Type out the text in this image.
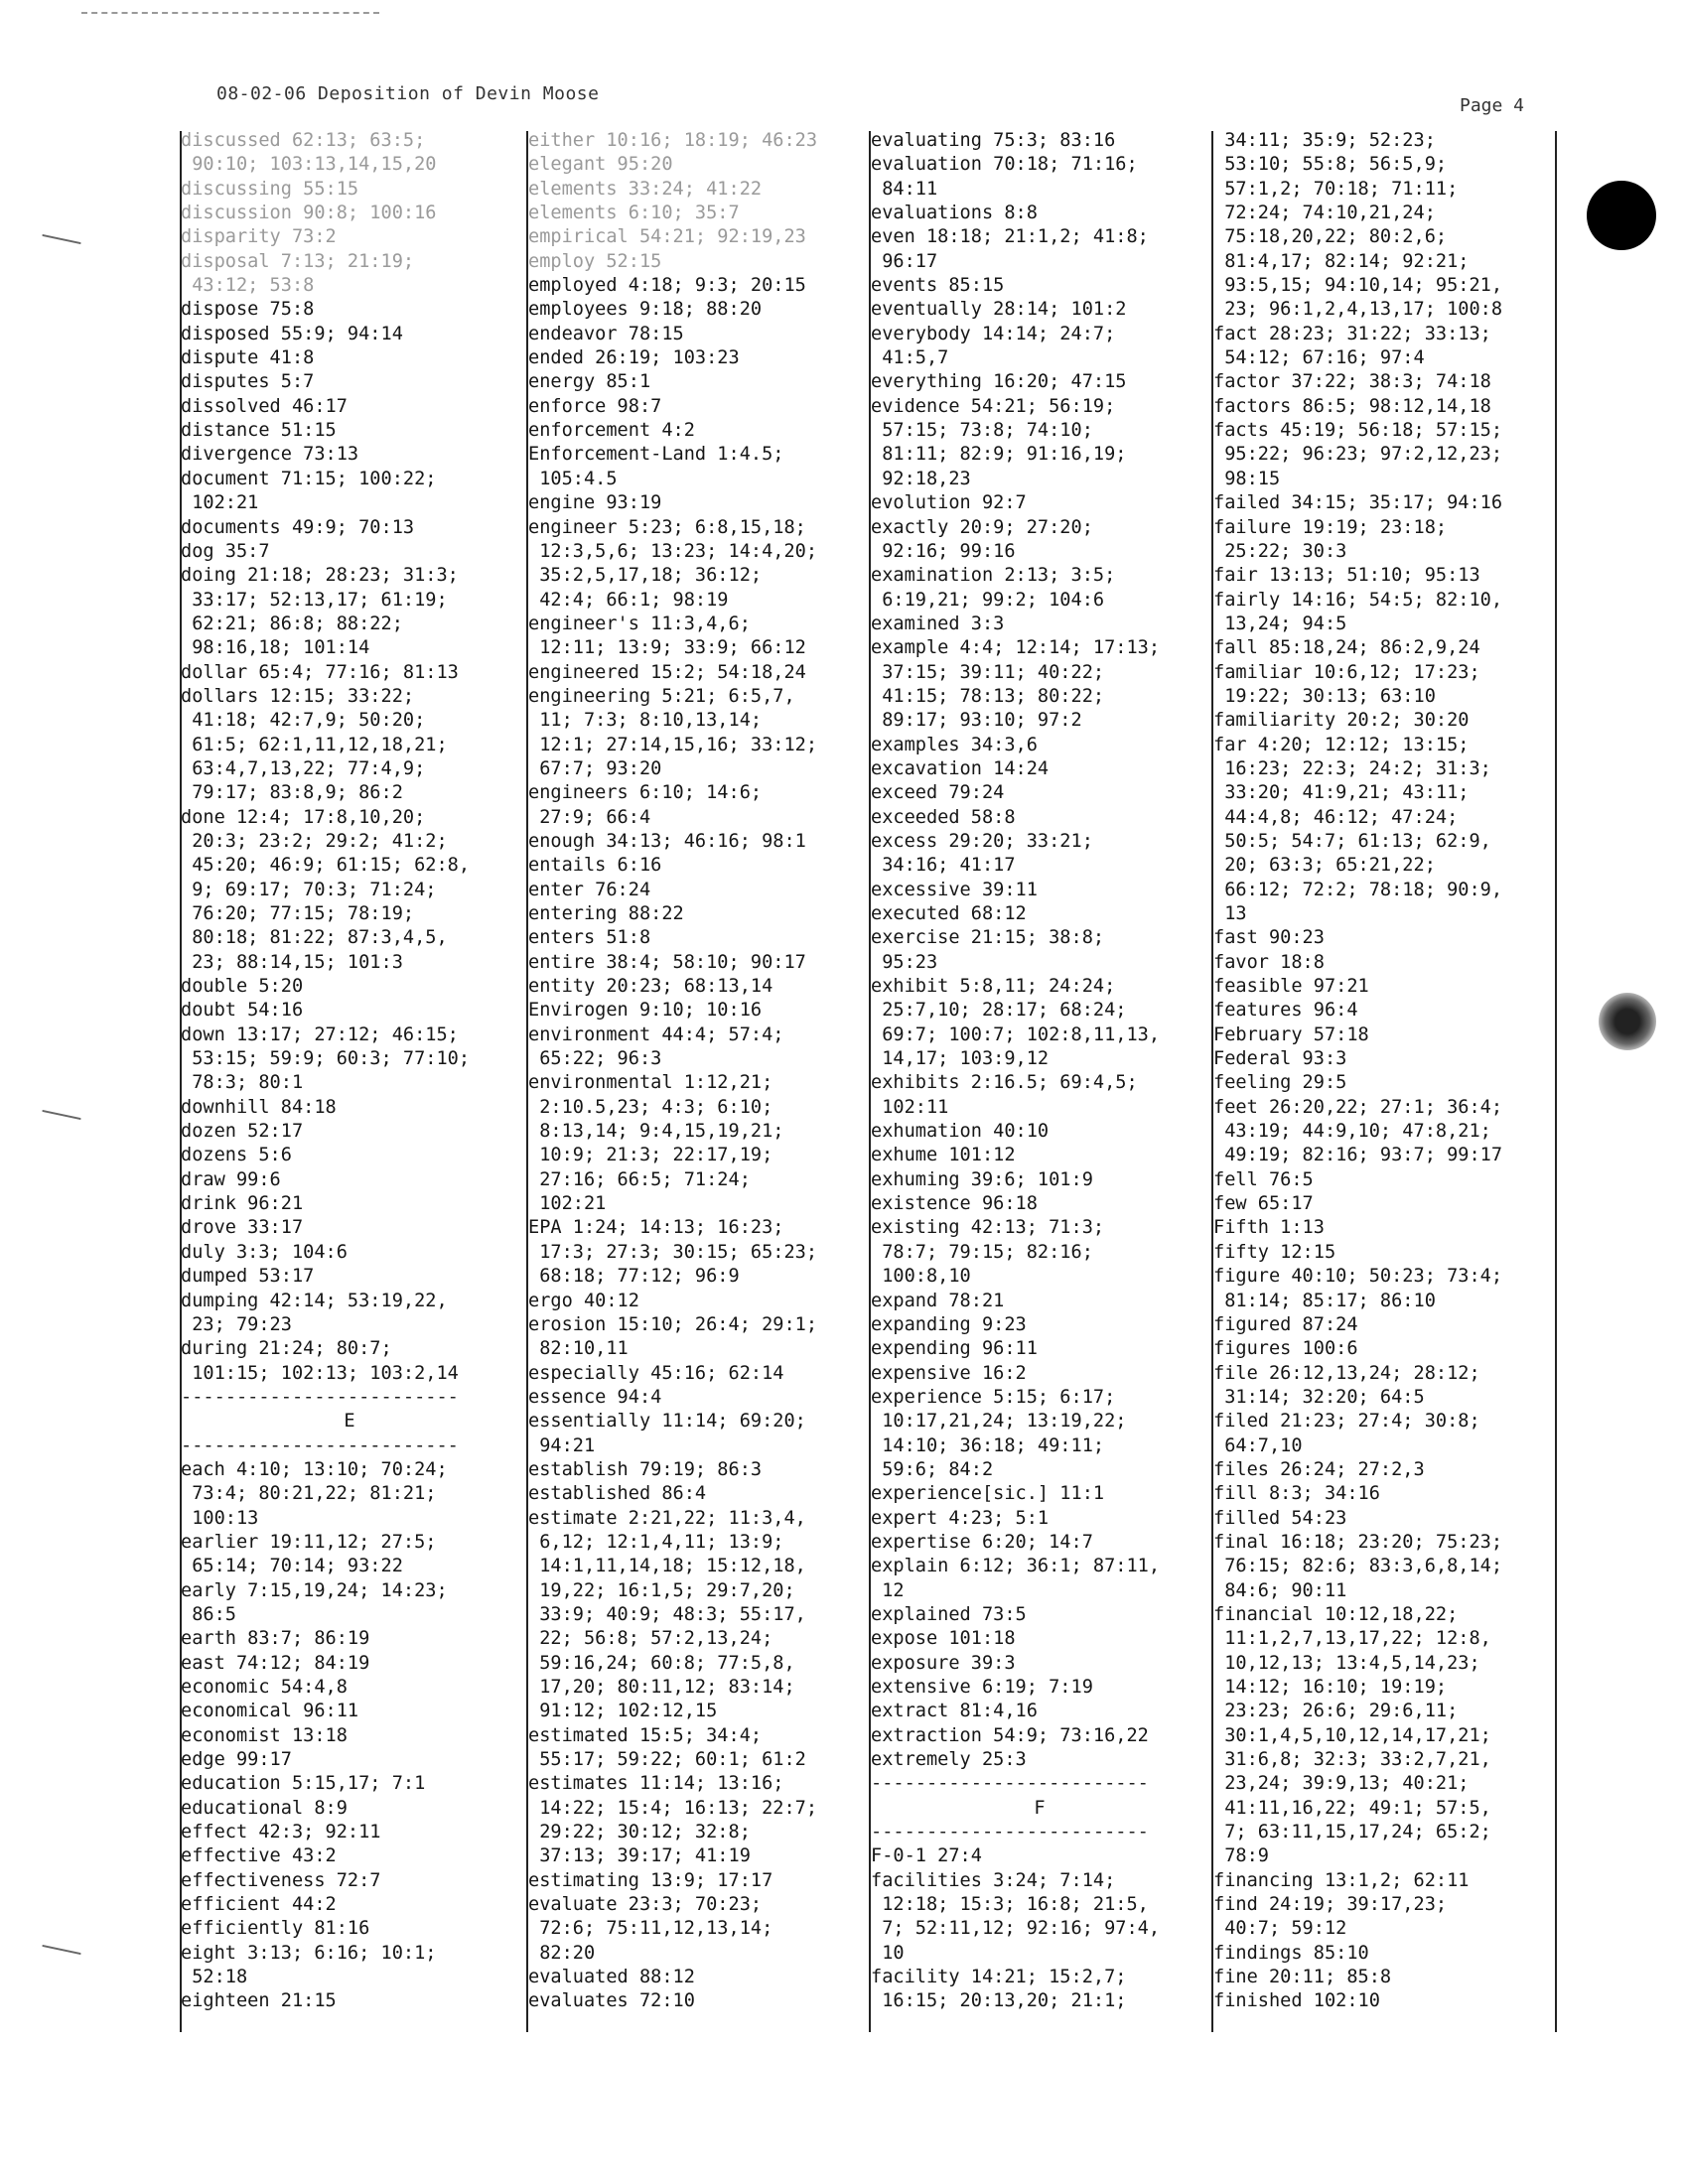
08-02-06 Deposition of Devin Moose
Page 4

discussed 62:13; 63:5;

90:10; 103:13,14,15,20

discussing 55:15

discussion 90:8; 100:16

disparity 73:2

disposal 7:13; 21:19;

43:12; 53:8

dispose 75:8

disposed 55:9; 94:14

dispute 41:8

disputes 5:7

dissolved 46:17

distance 51:15

divergence 73:13

document 71:15; 100:22;

102:21

documents 49:9; 70:13

dog 35:7

doing 21:18; 28:23; 31:3;

33:17; 52:13,17; 61:19;

62:21; 86:8; 88:22;

98:16,18; 101:14

dollar 65:4; 77:16; 81:13

dollars 12:15; 33:22;

41:18; 42:7,9; 50:20;

61:5; 62:1,11,12,18,21;

63:4,7,13,22; 77:4,9;

79:17; 83:8,9; 86:2

done 12:4; 17:8,10,20;

20:3; 23:2; 29:2; 41:2;

45:20; 46:9; 61:15; 62:8,

9; 69:17; 70:3; 71:24;

76:20; 77:15; 78:19;

80:18; 81:22; 87:3,4,5,

23; 88:14,15; 101:3

double 5:20

doubt 54:16

down 13:17; 27:12; 46:15;

53:15; 59:9; 60:3; 77:10;

78:3; 80:1

downhill 84:18

dozen 52:17

dozens 5:6

draw 99:6

drink 96:21

drove 33:17

duly 3:3; 104:6

dumped 53:17

dumping 42:14; 53:19,22,

23; 79:23

during 21:24; 80:7;

101:15; 102:13; 103:2,14

-------------------------

E

-------------------------

each 4:10; 13:10; 70:24;

73:4; 80:21,22; 81:21;

100:13

earlier 19:11,12; 27:5;

65:14; 70:14; 93:22

early 7:15,19,24; 14:23;

86:5

earth 83:7; 86:19

east 74:12; 84:19

economic 54:4,8

economical 96:11

economist 13:18

edge 99:17

education 5:15,17; 7:1

educational 8:9

effect 42:3; 92:11

effective 43:2

effectiveness 72:7

efficient 44:2

efficiently 81:16

eight 3:13; 6:16; 10:1;

52:18

eighteen 21:15

either 10:16; 18:19; 46:23

elegant 95:20

elements 33:24; 41:22

elements 6:10; 35:7

empirical 54:21; 92:19,23

employ 52:15

employed 4:18; 9:3; 20:15

employees 9:18; 88:20

endeavor 78:15

ended 26:19; 103:23

energy 85:1

enforce 98:7

enforcement 4:2

Enforcement-Land 1:4.5;

105:4.5

engine 93:19

engineer 5:23; 6:8,15,18;

12:3,5,6; 13:23; 14:4,20;

35:2,5,17,18; 36:12;

42:4; 66:1; 98:19

engineer's 11:3,4,6;

12:11; 13:9; 33:9; 66:12

engineered 15:2; 54:18,24

engineering 5:21; 6:5,7,

11; 7:3; 8:10,13,14;

12:1; 27:14,15,16; 33:12;

67:7; 93:20

engineers 6:10; 14:6;

27:9; 66:4

enough 34:13; 46:16; 98:1

entails 6:16

enter 76:24

entering 88:22

enters 51:8

entire 38:4; 58:10; 90:17

entity 20:23; 68:13,14

Envirogen 9:10; 10:16

environment 44:4; 57:4;

65:22; 96:3

environmental 1:12,21;

2:10.5,23; 4:3; 6:10;

8:13,14; 9:4,15,19,21;

10:9; 21:3; 22:17,19;

27:16; 66:5; 71:24;

102:21

EPA 1:24; 14:13; 16:23;

17:3; 27:3; 30:15; 65:23;

68:18; 77:12; 96:9

ergo 40:12

erosion 15:10; 26:4; 29:1;

82:10,11

especially 45:16; 62:14

essence 94:4

essentially 11:14; 69:20;

94:21

establish 79:19; 86:3

established 86:4

estimate 2:21,22; 11:3,4,

6,12; 12:1,4,11; 13:9;

14:1,11,14,18; 15:12,18,

19,22; 16:1,5; 29:7,20;

33:9; 40:9; 48:3; 55:17,

22; 56:8; 57:2,13,24;

59:16,24; 60:8; 77:5,8,

17,20; 80:11,12; 83:14;

91:12; 102:12,15

estimated 15:5; 34:4;

55:17; 59:22; 60:1; 61:2

estimates 11:14; 13:16;

14:22; 15:4; 16:13; 22:7;

29:22; 30:12; 32:8;

37:13; 39:17; 41:19

estimating 13:9; 17:17

evaluate 23:3; 70:23;

72:6; 75:11,12,13,14;

82:20

evaluated 88:12

evaluates 72:10

evaluating 75:3; 83:16

evaluation 70:18; 71:16;

84:11

evaluations 8:8

even 18:18; 21:1,2; 41:8;

96:17

events 85:15

eventually 28:14; 101:2

everybody 14:14; 24:7;

41:5,7

everything 16:20; 47:15

evidence 54:21; 56:19;

57:15; 73:8; 74:10;

81:11; 82:9; 91:16,19;

92:18,23

evolution 92:7

exactly 20:9; 27:20;

92:16; 99:16

examination 2:13; 3:5;

6:19,21; 99:2; 104:6

examined 3:3

example 4:4; 12:14; 17:13;

37:15; 39:11; 40:22;

41:15; 78:13; 80:22;

89:17; 93:10; 97:2

examples 34:3,6

excavation 14:24

exceed 79:24

exceeded 58:8

excess 29:20; 33:21;

34:16; 41:17

excessive 39:11

executed 68:12

exercise 21:15; 38:8;

95:23

exhibit 5:8,11; 24:24;

25:7,10; 28:17; 68:24;

69:7; 100:7; 102:8,11,13,

14,17; 103:9,12

exhibits 2:16.5; 69:4,5;

102:11

exhumation 40:10

exhume 101:12

exhuming 39:6; 101:9

existence 96:18

existing 42:13; 71:3;

78:7; 79:15; 82:16;

100:8,10

expand 78:21

expanding 9:23

expending 96:11

expensive 16:2

experience 5:15; 6:17;

10:17,21,24; 13:19,22;

14:10; 36:18; 49:11;

59:6; 84:2

experience[sic.] 11:1

expert 4:23; 5:1

expertise 6:20; 14:7

explain 6:12; 36:1; 87:11,

12

explained 73:5

expose 101:18

exposure 39:3

extensive 6:19; 7:19

extract 81:4,16

extraction 54:9; 73:16,22

extremely 25:3

-------------------------

F

-------------------------

F-0-1 27:4

facilities 3:24; 7:14;

12:18; 15:3; 16:8; 21:5,

7; 52:11,12; 92:16; 97:4,

10

facility 14:21; 15:2,7;

16:15; 20:13,20; 21:1;

34:11; 35:9; 52:23;

53:10; 55:8; 56:5,9;

57:1,2; 70:18; 71:11;

72:24; 74:10,21,24;

75:18,20,22; 80:2,6;

81:4,17; 82:14; 92:21;

93:5,15; 94:10,14; 95:21,

23; 96:1,2,4,13,17; 100:8

fact 28:23; 31:22; 33:13;

54:12; 67:16; 97:4

factor 37:22; 38:3; 74:18

factors 86:5; 98:12,14,18

facts 45:19; 56:18; 57:15;

95:22; 96:23; 97:2,12,23;

98:15

failed 34:15; 35:17; 94:16

failure 19:19; 23:18;

25:22; 30:3

fair 13:13; 51:10; 95:13

fairly 14:16; 54:5; 82:10,

13,24; 94:5

fall 85:18,24; 86:2,9,24

familiar 10:6,12; 17:23;

19:22; 30:13; 63:10

familiarity 20:2; 30:20

far 4:20; 12:12; 13:15;

16:23; 22:3; 24:2; 31:3;

33:20; 41:9,21; 43:11;

44:4,8; 46:12; 47:24;

50:5; 54:7; 61:13; 62:9,

20; 63:3; 65:21,22;

66:12; 72:2; 78:18; 90:9,

13

fast 90:23

favor 18:8

feasible 97:21

features 96:4

February 57:18

Federal 93:3

feeling 29:5

feet 26:20,22; 27:1; 36:4;

43:19; 44:9,10; 47:8,21;

49:19; 82:16; 93:7; 99:17

fell 76:5

few 65:17

Fifth 1:13

fifty 12:15

figure 40:10; 50:23; 73:4;

81:14; 85:17; 86:10

figured 87:24

figures 100:6

file 26:12,13,24; 28:12;

31:14; 32:20; 64:5

filed 21:23; 27:4; 30:8;

64:7,10

files 26:24; 27:2,3

fill 8:3; 34:16

filled 54:23

final 16:18; 23:20; 75:23;

76:15; 82:6; 83:3,6,8,14;

84:6; 90:11

financial 10:12,18,22;

11:1,2,7,13,17,22; 12:8,

10,12,13; 13:4,5,14,23;

14:12; 16:10; 19:19;

23:23; 26:6; 29:6,11;

30:1,4,5,10,12,14,17,21;

31:6,8; 32:3; 33:2,7,21,

23,24; 39:9,13; 40:21;

41:11,16,22; 49:1; 57:5,

7; 63:11,15,17,24; 65:2;

78:9

financing 13:1,2; 62:11

find 24:19; 39:17,23;

40:7; 59:12

findings 85:10

fine 20:11; 85:8

finished 102:10
